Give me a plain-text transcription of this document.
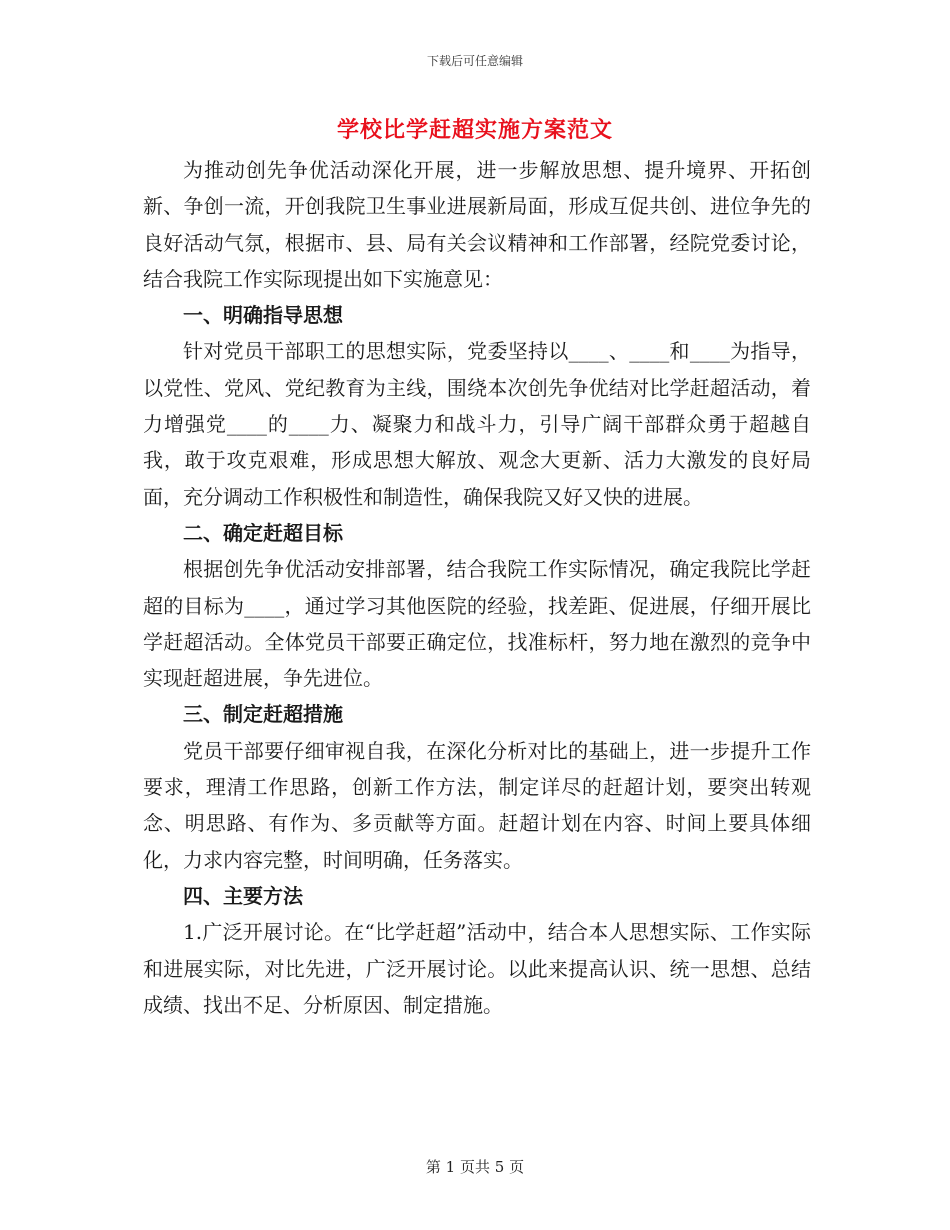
下载后可任意编辑
学校比学赶超实施方案范文

为推动创先争优活动深化开展，进一步解放思想、提升境界、开拓创新、争创一流，开创我院卫生事业进展新局面，形成互促共创、进位争先的良好活动气氛，根据市、县、局有关会议精神和工作部署，经院党委讨论，结合我院工作实际现提出如下实施意见：

一、明确指导思想

针对党员干部职工的思想实际，党委坚持以____、____和____为指导，以党性、党风、党纪教育为主线，围绕本次创先争优结对比学赶超活动，着力增强党____的____力、凝聚力和战斗力，引导广阔干部群众勇于超越自我，敢于攻克艰难，形成思想大解放、观念大更新、活力大激发的良好局面，充分调动工作积极性和制造性，确保我院又好又快的进展。

二、确定赶超目标

根据创先争优活动安排部署，结合我院工作实际情况，确定我院比学赶超的目标为____，通过学习其他医院的经验，找差距、促进展，仔细开展比学赶超活动。全体党员干部要正确定位，找准标杆，努力地在激烈的竞争中实现赶超进展，争先进位。

三、制定赶超措施

党员干部要仔细审视自我，在深化分析对比的基础上，进一步提升工作要求，理清工作思路，创新工作方法，制定详尽的赶超计划，要突出转观念、明思路、有作为、多贡献等方面。赶超计划在内容、时间上要具体细化，力求内容完整，时间明确，任务落实。

四、主要方法

1.广泛开展讨论。在“比学赶超”活动中，结合本人思想实际、工作实际和进展实际，对比先进，广泛开展讨论。以此来提高认识、统一思想、总结成绩、找出不足、分析原因、制定措施。

第 1 页共 5 页
